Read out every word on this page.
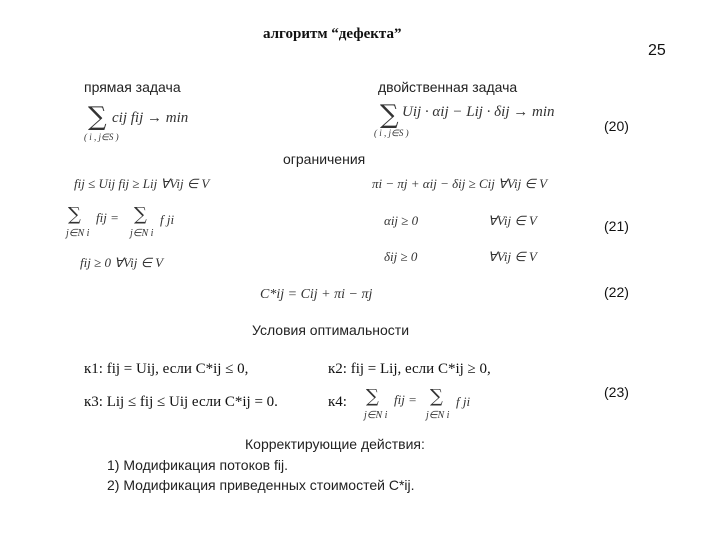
алгоритм “дефекта”
25
прямая задача	двойственная задача
∑ cij fij → min
( i , j∈S )
∑ Uij · αij − Lij · δij → min
( i , j∈S )	(20)
ограничения
fij ≤ Uij fij ≥ Lij ∀Vij ∈ V
∑
j∈N i
fij = ∑
j∈N i
f ji
fij ≥ 0 ∀Vij ∈ V
πi − πj + αij − δij ≥ Cij ∀Vij ∈ V
αij ≥ 0	∀Vij ∈ V
δij ≥ 0	∀Vij ∈ V
(21)
C*ij = Cij + πi − πj	(22)
Условия оптимальности
к1: fij = Uij, если C*ij ≤ 0,	к2: fij = Lij, если C*ij ≥ 0,
к3: Lij ≤ fij ≤ Uij если C*ij = 0.	к4: ∑
j∈N i
fij = ∑
j∈N i
f ji
(23)
Корректирующие действия:
1) Модификация потоков fij.
2) Модификация приведенных стоимостей C*ij.
